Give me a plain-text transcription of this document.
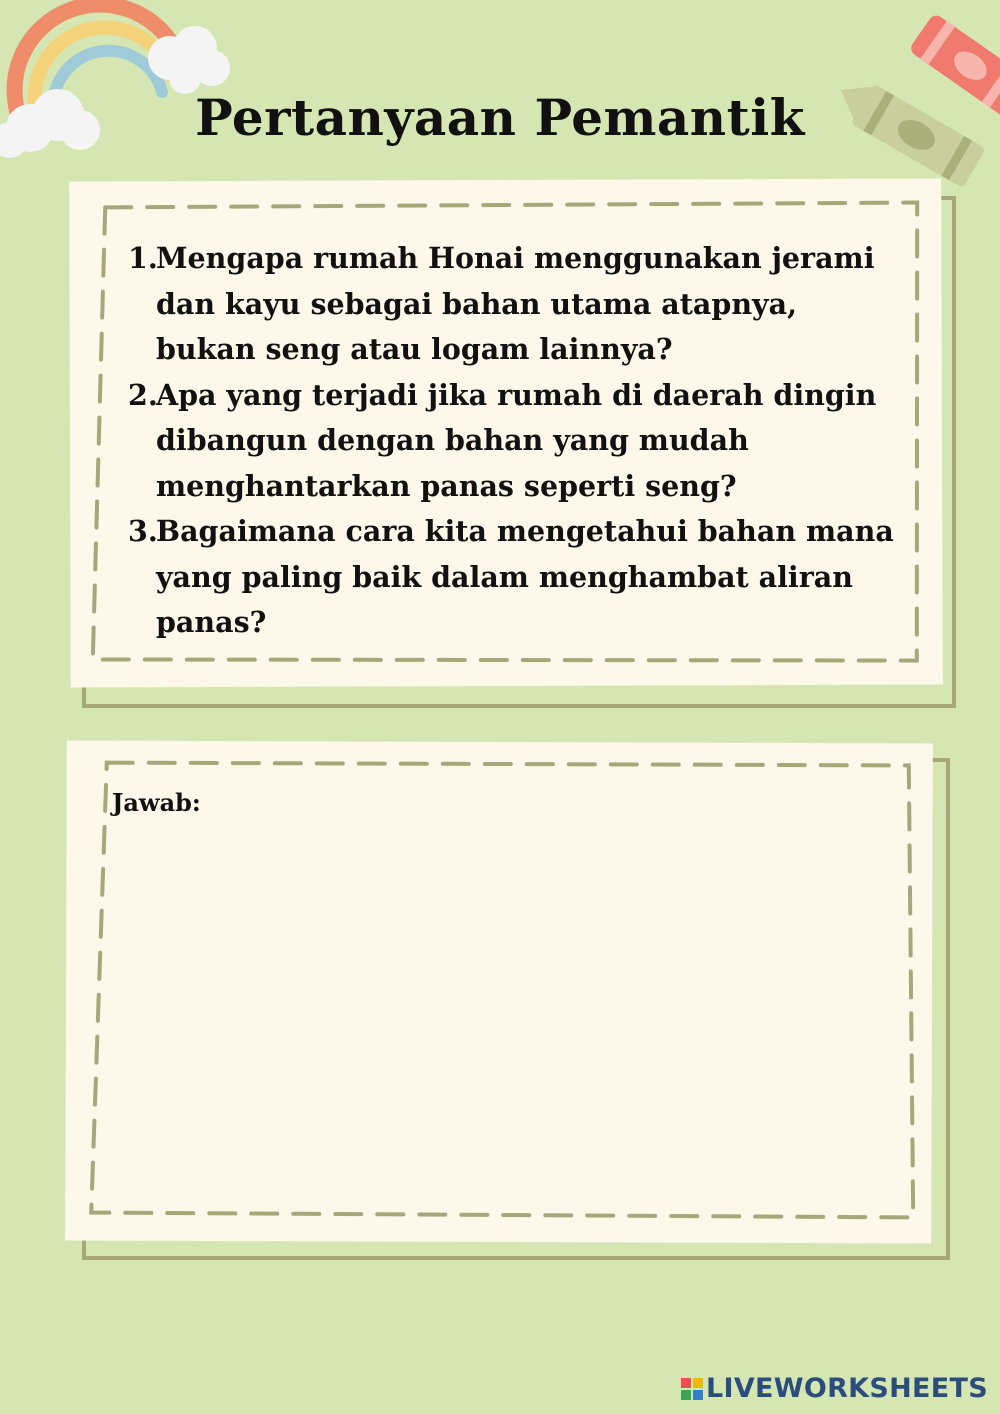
Pertanyaan Pemantik
1.
Mengapa rumah Honai menggunakan jerami dan kayu sebagai bahan utama atapnya, bukan seng atau logam lainnya?
2.
Apa yang terjadi jika rumah di daerah dingin dibangun dengan bahan yang mudah menghantarkan panas seperti seng?
3.
Bagaimana cara kita mengetahui bahan mana yang paling baik dalam menghambat aliran panas?

Jawab:

LIVEWORKSHEETS
